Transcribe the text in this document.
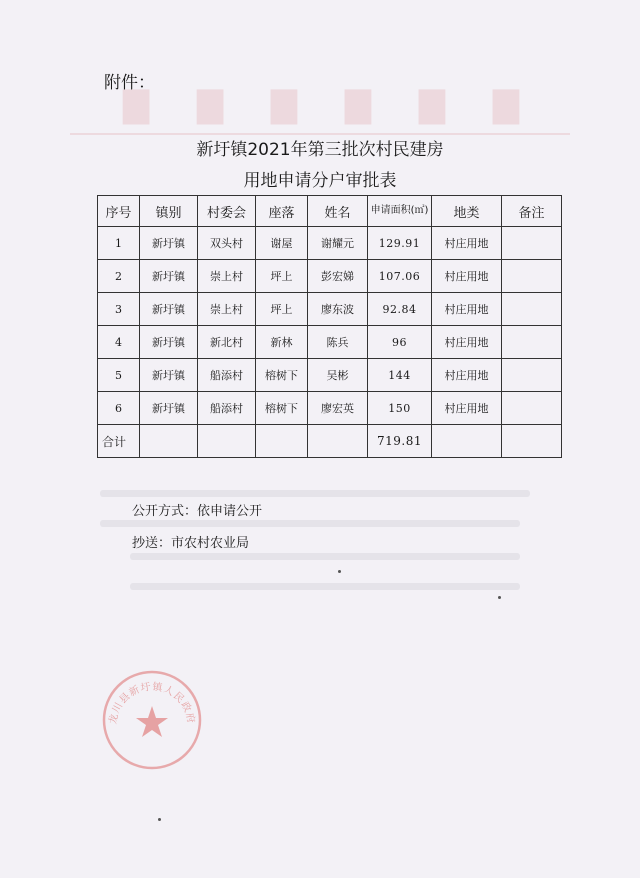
▇ ▇ ▇ ▇ ▇ ▇
附件：
新圩镇2021年第三批次村民建房
用地申请分户审批表
序号	镇别	村委会	座落	姓名	申请面积(㎡)	地类	备注
1	新圩镇	双头村	谢屋	谢耀元	129.91	村庄用地	
2	新圩镇	崇上村	坪上	彭宏娣	107.06	村庄用地	
3	新圩镇	崇上村	坪上	廖东波	92.84	村庄用地	
4	新圩镇	新北村	新林	陈兵	96	村庄用地	
5	新圩镇	船添村	榕树下	吴彬	144	村庄用地	
6	新圩镇	船添村	榕树下	廖宏英	150	村庄用地	
合计					719.81		
公开方式：依申请公开
抄送：市农村农业局
龙川县新圩镇人民政府
